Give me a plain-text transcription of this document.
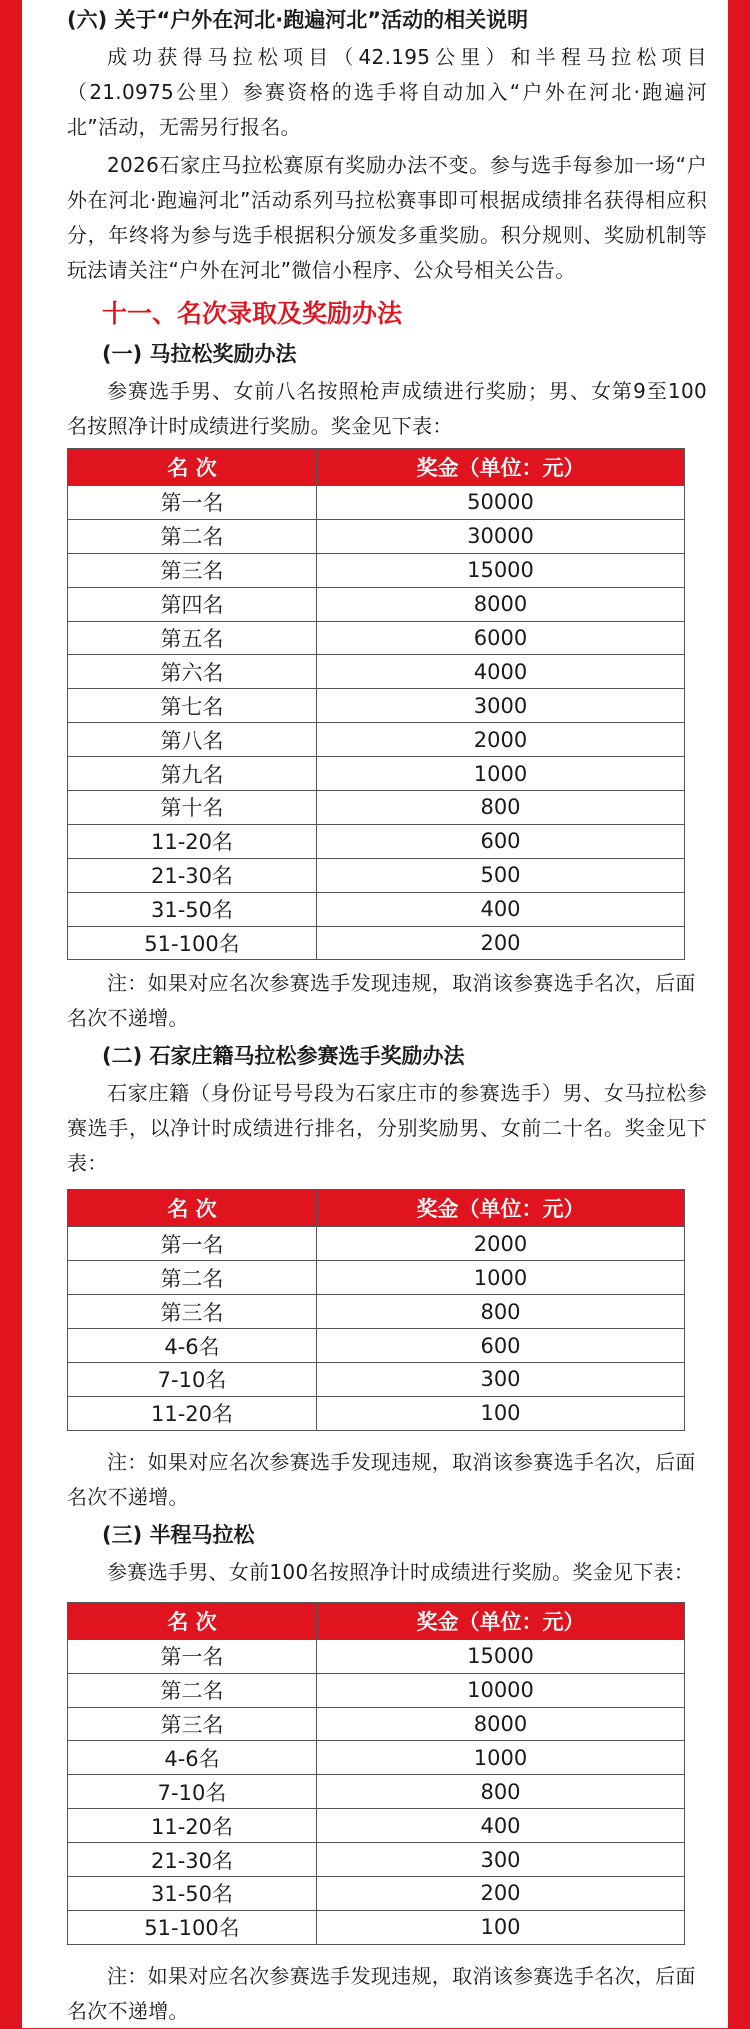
(六) 关于“户外在河北·跑遍河北”活动的相关说明

成功获得马拉松项目（42.195公里）和半程马拉松项目（21.0975公里）参赛资格的选手将自动加入“户外在河北·跑遍河北”活动，无需另行报名。

2026石家庄马拉松赛原有奖励办法不变。参与选手每参加一场“户外在河北·跑遍河北”活动系列马拉松赛事即可根据成绩排名获得相应积分，年终将为参与选手根据积分颁发多重奖励。积分规则、奖励机制等玩法请关注“户外在河北”微信小程序、公众号相关公告。

十一、名次录取及奖励办法
(一) 马拉松奖励办法

参赛选手男、女前八名按照枪声成绩进行奖励；男、女第9至100名按照净计时成绩进行奖励。奖金见下表：

名 次	奖金（单位：元）
第一名	50000
第二名	30000
第三名	15000
第四名	8000
第五名	6000
第六名	4000
第七名	3000
第八名	2000
第九名	1000
第十名	800
11-20名	600
21-30名	500
31-50名	400
51-100名	200

注：如果对应名次参赛选手发现违规，取消该参赛选手名次，后面名次不递增。

(二) 石家庄籍马拉松参赛选手奖励办法

石家庄籍（身份证号号段为石家庄市的参赛选手）男、女马拉松参赛选手，以净计时成绩进行排名，分别奖励男、女前二十名。奖金见下表：

名 次	奖金（单位：元）
第一名	2000
第二名	1000
第三名	800
4-6名	600
7-10名	300
11-20名	100

注：如果对应名次参赛选手发现违规，取消该参赛选手名次，后面名次不递增。

(三) 半程马拉松

参赛选手男、女前100名按照净计时成绩进行奖励。奖金见下表：

名 次	奖金（单位：元）
第一名	15000
第二名	10000
第三名	8000
4-6名	1000
7-10名	800
11-20名	400
21-30名	300
31-50名	200
51-100名	100

注：如果对应名次参赛选手发现违规，取消该参赛选手名次，后面名次不递增。
